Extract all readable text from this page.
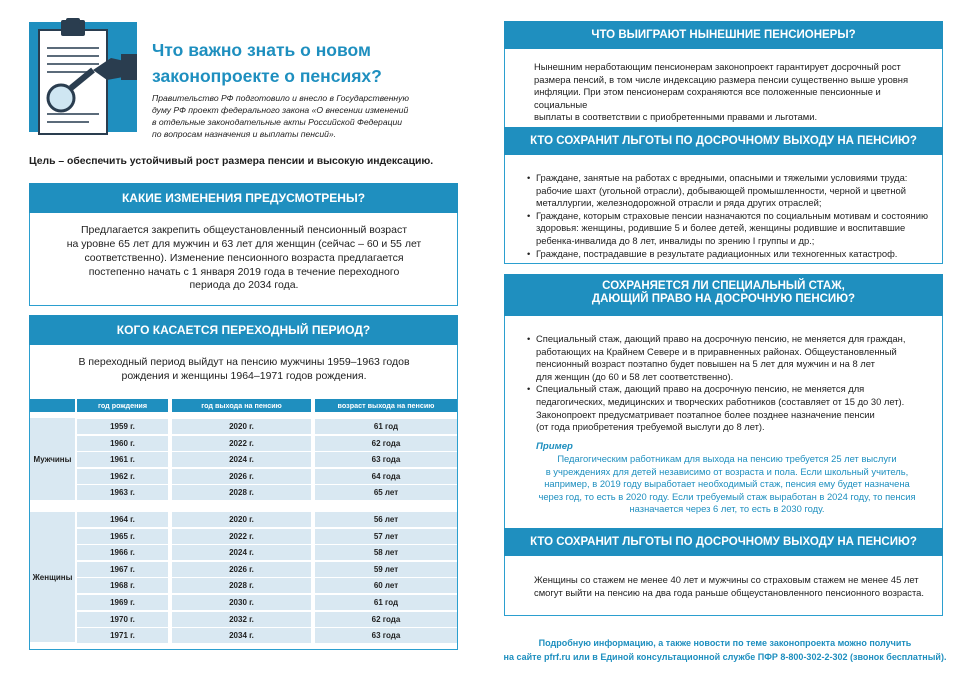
Что важно знать о новом
законопроекте о пенсиях?
Правительство РФ подготовило и внесло в Государственную
думу РФ проект федерального закона «О внесении изменений
в отдельные законодательные акты Российской Федерации
по вопросам назначения и выплаты пенсий».
Цель – обеспечить устойчивый рост размера пенсии и высокую индексацию.
КАКИЕ ИЗМЕНЕНИЯ ПРЕДУСМОТРЕНЫ?
Предлагается закрепить общеустановленный пенсионный возраст
на уровне 65 лет для мужчин и 63 лет для женщин (сейчас – 60 и 55 лет
соответственно). Изменение пенсионного возраста предлагается
постепенно начать с 1 января 2019 года в течение переходного
периода до 2034 года.
КОГО КАСАЕТСЯ ПЕРЕХОДНЫЙ ПЕРИОД?
В переходный период выйдут на пенсию мужчины 1959–1963 годов
рождения и женщины 1964–1971 годов рождения.
год рождения	год выхода на пенсию	возраст выхода на пенсию
Мужчины
1959 г.	2020 г.	61 год
1960 г.	2022 г.	62 года
1961 г.	2024 г.	63 года
1962 г.	2026 г.	64 года
1963 г.	2028 г.	65 лет
Женщины
1964 г.	2020 г.	56 лет
1965 г.	2022 г.	57 лет
1966 г.	2024 г.	58 лет
1967 г.	2026 г.	59 лет
1968 г.	2028 г.	60 лет
1969 г.	2030 г.	61 год
1970 г.	2032 г.	62 года
1971 г.	2034 г.	63 года
ЧТО ВЫИГРАЮТ НЫНЕШНИЕ ПЕНСИОНЕРЫ?
Нынешним неработающим пенсионерам законопроект гарантирует досрочный рост
размера пенсий, в том числе индексацию размера пенсии существенно выше уровня
инфляции. При этом пенсионерам сохраняются все положенные пенсионные и социальные
выплаты в соответствии с приобретенными правами и льготами.
КТО СОХРАНИТ ЛЬГОТЫ ПО ДОСРОЧНОМУ ВЫХОДУ НА ПЕНСИЮ?
• Граждане, занятые на работах с вредными, опасными и тяжелыми условиями труда:
рабочие шахт (угольной отрасли), добывающей промышленности, черной и цветной
металлургии, железнодорожной отрасли и ряда других отраслей;
• Граждане, которым страховые пенсии назначаются по социальным мотивам и состоянию
здоровья: женщины, родившие 5 и более детей, женщины родившие и воспитавшие
ребенка-инвалида до 8 лет, инвалиды по зрению I группы и др.;
• Граждане, пострадавшие в результате радиационных или техногенных катастроф.
СОХРАНЯЕТСЯ ЛИ СПЕЦИАЛЬНЫЙ СТАЖ,
ДАЮЩИЙ ПРАВО НА ДОСРОЧНУЮ ПЕНСИЮ?
• Специальный стаж, дающий право на досрочную пенсию, не меняется для граждан,
работающих на Крайнем Севере и в приравненных районах. Общеустановленный
пенсионный возраст поэтапно будет повышен на 5 лет для мужчин и на 8 лет
для женщин (до 60 и 58 лет соответственно).
• Специальный стаж, дающий право на досрочную пенсию, не меняется для
педагогических, медицинских и творческих работников (составляет от 15 до 30 лет).
Законопроект предусматривает поэтапное более позднее назначение пенсии
(от года приобретения требуемой выслуги до 8 лет).
Пример
Педагогическим работникам для выхода на пенсию требуется 25 лет выслуги
в учреждениях для детей независимо от возраста и пола. Если школьный учитель,
например, в 2019 году выработает необходимый стаж, пенсия ему будет назначена
через год, то есть в 2020 году. Если требуемый стаж выработан в 2024 году, то пенсия
назначается через 6 лет, то есть в 2030 году.
КТО СОХРАНИТ ЛЬГОТЫ ПО ДОСРОЧНОМУ ВЫХОДУ НА ПЕНСИЮ?
Женщины со стажем не менее 40 лет и мужчины со страховым стажем не менее 45 лет
смогут выйти на пенсию на два года раньше общеустановленного пенсионного возраста.
Подробную информацию, а также новости по теме законопроекта можно получить
на сайте pfrf.ru или в Единой консультационной службе ПФР 8-800-302-2-302 (звонок бесплатный).
